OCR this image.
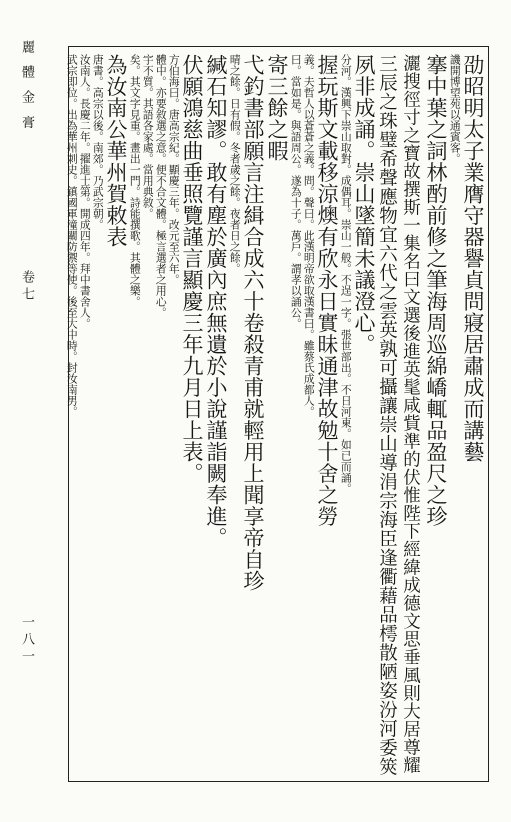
麗 體 金 膏
卷七
一八一
劭昭明太子業膺守器譽貞問寢居肅成而講藝
譏開博望苑以通賓客。
搴中葉之詞林酌前修之筆海周巡綿嶠輒品盈尺之珍
灑搜徑寸之寶故撰斯一集名曰文選後進英髦咸貲準的伏惟陛下經緯成德文思垂風則大居尊耀
三辰之珠璧希聲應物宜六代之雲英孰可攝讓崇山導涓宗海臣逢衢藉品樗散陋姿汾河委筴
夙非成誦。崇山墜簡未議澄心。
分河。漢興下崇山取對。成偶耳。崇山一般。不逞一字。張世部出。不日河東。如已而誦。
握玩斯文載移涼燠有欣永日實昧通津故勉十舍之勞
義。夫哲人以蒼蒼之義。問。聲曰。此漢明帝欲取漢書曰。雖蔡氏成都人。
曰。當如是。與語周公。遂為十子。萬戶。謂孝以誦公。
寄三餘之暇
弋釣書部願言注緝合成六十卷殺青甫就輕用上聞享帝自珍
晴之餘。日有假。冬者歲之餘。夜者日之餘。
緘石知謬。敢有塵於廣內庶無遺於小說謹詣闕奉進。
伏願鴻慈曲垂照覽謹言顯慶三年九月日上表。
方伯海曰。唐高宗紀。顯慶三年。改元至六年。
體中。亦要敘選之意。便不合文體。極言選者之用心。
宇不質。其語各家處。當用典敘。
矣。其文字見重。畫出一門。詩能撰歌。其體之樂。
為汝南公華州賀敕表
唐書。高宗以後。南郊。乃武宗朝。
汝南人。長慶二年。擢進士第。開成四年。拜中書舍人。
武宗即位。出為華州刺史。鎮國軍潼關防禦等使。後至大中時。封汝南男。
